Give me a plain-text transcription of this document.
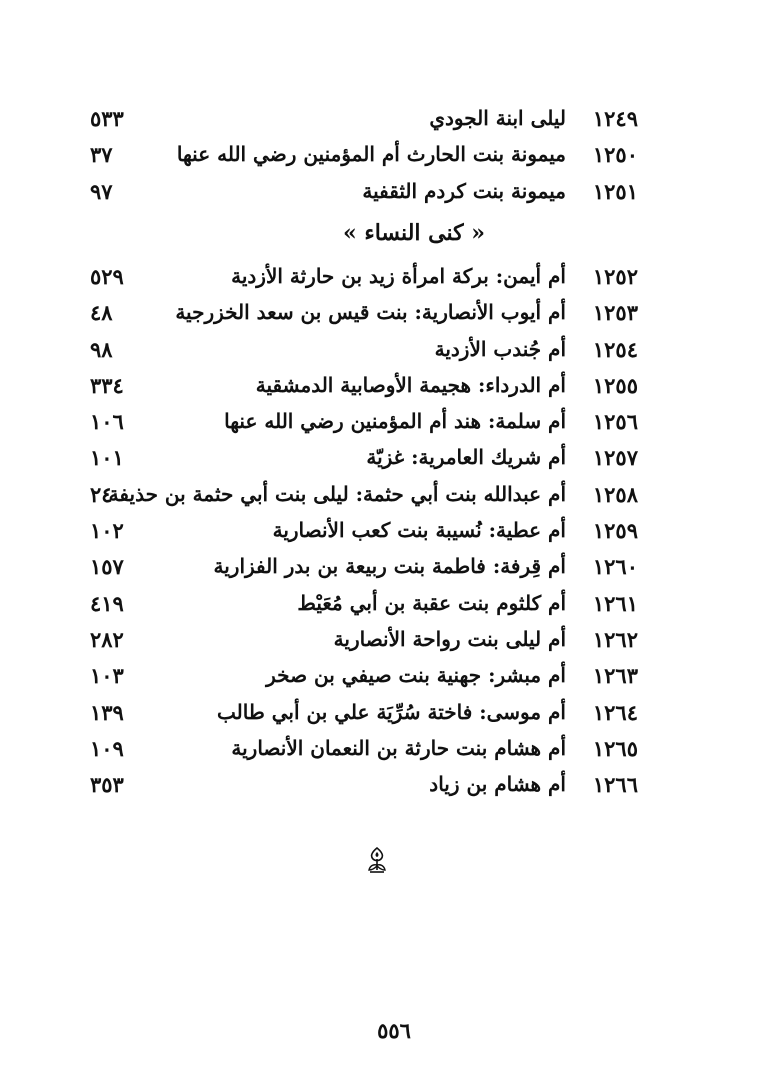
١٢٤٩
ليلى ابنة الجودي
٥٣٣
١٢٥٠
ميمونة بنت الحارث أم المؤمنين رضي الله عنها
٣٧
١٢٥١
ميمونة بنت كردم الثقفية
٩٧
« كنى النساء »
١٢٥٢
أم أيمن: بركة امرأة زيد بن حارثة الأزدية
٥٢٩
١٢٥٣
أم أيوب الأنصارية: بنت قيس بن سعد الخزرجية
٤٨
١٢٥٤
أم جُندب الأزدية
٩٨
١٢٥٥
أم الدرداء: هجيمة الأوصابية الدمشقية
٣٣٤
١٢٥٦
أم سلمة: هند أم المؤمنين رضي الله عنها
١٠٦
١٢٥٧
أم شريك العامرية: غزيّة
١٠١
١٢٥٨
أم عبدالله بنت أبي حثمة: ليلى بنت أبي حثمة بن حذيفة
٢٤
١٢٥٩
أم عطية: نُسيبة بنت كعب الأنصارية
١٠٢
١٢٦٠
أم قِرفة: فاطمة بنت ربيعة بن بدر الفزارية
١٥٧
١٢٦١
أم كلثوم بنت عقبة بن أبي مُعَيْط
٤١٩
١٢٦٢
أم ليلى بنت رواحة الأنصارية
٢٨٢
١٢٦٣
أم مبشر: جهنية بنت صيفي بن صخر
١٠٣
١٢٦٤
أم موسى: فاختة سُرِّيَة علي بن أبي طالب
١٣٩
١٢٦٥
أم هشام بنت حارثة بن النعمان الأنصارية
١٠٩
١٢٦٦
أم هشام بن زياد
٣٥٣
٥٥٦
